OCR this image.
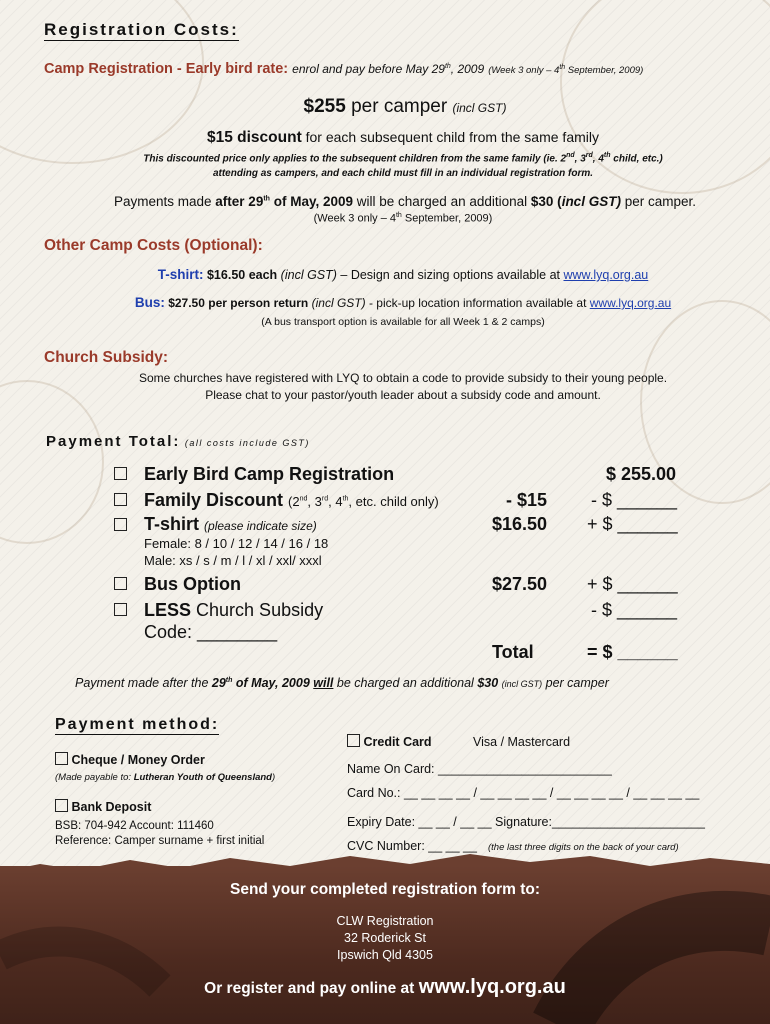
Registration Costs:
Camp Registration - Early bird rate: enrol and pay before May 29th, 2009 (Week 3 only – 4th September, 2009)
$255 per camper (incl GST)
$15 discount for each subsequent child from the same family
This discounted price only applies to the subsequent children from the same family (ie. 2nd, 3rd, 4th child, etc.)
attending as campers, and each child must fill in an individual registration form.
Payments made after 29th of May, 2009 will be charged an additional $30 (incl GST) per camper.
(Week 3 only – 4th September, 2009)
Other Camp Costs (Optional):
T-shirt: $16.50 each (incl GST) – Design and sizing options available at www.lyq.org.au
Bus: $27.50 per person return (incl GST) - pick-up location information available at www.lyq.org.au
(A bus transport option is available for all Week 1 & 2 camps)
Church Subsidy:
Some churches have registered with LYQ to obtain a code to provide subsidy to their young people.
Please chat to your pastor/youth leader about a subsidy code and amount.
Payment Total: (all costs include GST)
Early Bird Camp Registration	$ 255.00
Family Discount (2nd, 3rd, 4th, etc. child only)	- $15 - $ ______
T-shirt (please indicate size)	$16.50 + $ ______
Female: 8 / 10 / 12 / 14 / 16 / 18
Male: xs / s / m / l / xl / xxl/ xxxl
Bus Option	$27.50 + $ ______
LESS Church Subsidy	- $ ______
Code: ________
Total	= $ ______
Payment made after the 29th of May, 2009 will be charged an additional $30 (incl GST) per camper
Payment method:
Cheque / Money Order
(Made payable to: Lutheran Youth of Queensland)
Bank Deposit
BSB: 704-942 Account: 111460
Reference: Camper surname + first initial
Credit Card	Visa / Mastercard
Name On Card: _________________________
Card No.: __ __ __ __ / __ __ __ __ / __ __ __ __ / __ __ __ __
Expiry Date: __ __ / __ __ Signature:______________________
CVC Number: __ __ __ (the last three digits on the back of your card)
Send your completed registration form to:
CLW Registration
32 Roderick St
Ipswich Qld 4305
Or register and pay online at www.lyq.org.au
